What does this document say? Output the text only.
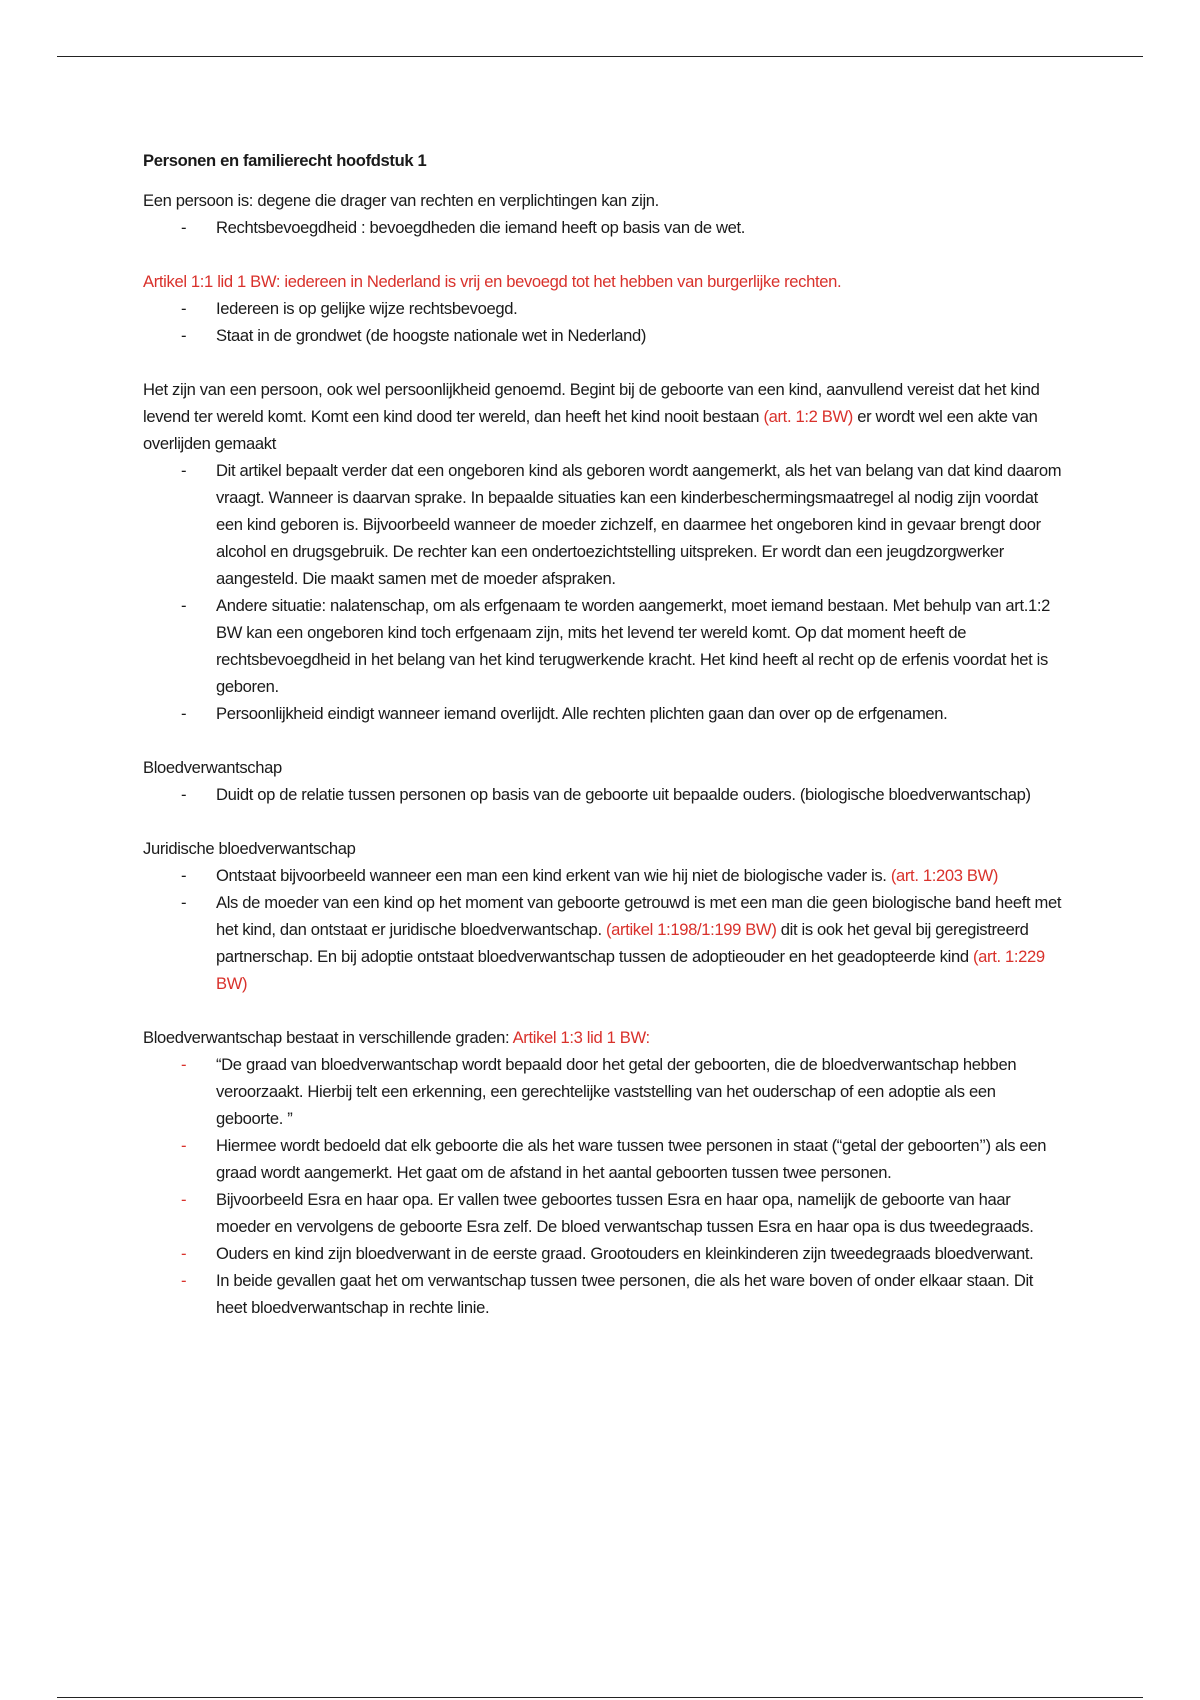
Personen en familierecht hoofdstuk 1

Een persoon is: degene die drager van rechten en verplichtingen kan zijn.

- Rechtsbevoegdheid : bevoegdheden die iemand heeft op basis van de wet.

Artikel 1:1 lid 1 BW: iedereen in Nederland is vrij en bevoegd tot het hebben van burgerlijke rechten.

- Iedereen is op gelijke wijze rechtsbevoegd.
- Staat in de grondwet (de hoogste nationale wet in Nederland)

Het zijn van een persoon, ook wel persoonlijkheid genoemd. Begint bij de geboorte van een kind, aanvullend vereist dat het kind levend ter wereld komt. Komt een kind dood ter wereld, dan heeft het kind nooit bestaan (art. 1:2 BW) er wordt wel een akte van overlijden gemaakt

- Dit artikel bepaalt verder dat een ongeboren kind als geboren wordt aangemerkt, als het van belang van dat kind daarom vraagt. Wanneer is daarvan sprake. In bepaalde situaties kan een kinderbeschermingsmaatregel al nodig zijn voordat een kind geboren is. Bijvoorbeeld wanneer de moeder zichzelf, en daarmee het ongeboren kind in gevaar brengt door alcohol en drugsgebruik. De rechter kan een ondertoezichtstelling uitspreken. Er wordt dan een jeugdzorgwerker aangesteld. Die maakt samen met de moeder afspraken.
- Andere situatie: nalatenschap, om als erfgenaam te worden aangemerkt, moet iemand bestaan. Met behulp van art.1:2 BW kan een ongeboren kind toch erfgenaam zijn, mits het levend ter wereld komt. Op dat moment heeft de rechtsbevoegdheid in het belang van het kind terugwerkende kracht. Het kind heeft al recht op de erfenis voordat het is geboren.
- Persoonlijkheid eindigt wanneer iemand overlijdt. Alle rechten plichten gaan dan over op de erfgenamen.

Bloedverwantschap

- Duidt op de relatie tussen personen op basis van de geboorte uit bepaalde ouders. (biologische bloedverwantschap)

Juridische bloedverwantschap

- Ontstaat bijvoorbeeld wanneer een man een kind erkent van wie hij niet de biologische vader is. (art. 1:203 BW)
- Als de moeder van een kind op het moment van geboorte getrouwd is met een man die geen biologische band heeft met het kind, dan ontstaat er juridische bloedverwantschap. (artikel 1:198/1:199 BW) dit is ook het geval bij geregistreerd partnerschap. En bij adoptie ontstaat bloedverwantschap tussen de adoptieouder en het geadopteerde kind (art. 1:229 BW)

Bloedverwantschap bestaat in verschillende graden: Artikel 1:3 lid 1 BW:

- “De graad van bloedverwantschap wordt bepaald door het getal der geboorten, die de bloedverwantschap hebben veroorzaakt. Hierbij telt een erkenning, een gerechtelijke vaststelling van het ouderschap of een adoptie als een geboorte. ”
- Hiermee wordt bedoeld dat elk geboorte die als het ware tussen twee personen in staat (“getal der geboorten’’) als een graad wordt aangemerkt. Het gaat om de afstand in het aantal geboorten tussen twee personen.
- Bijvoorbeeld Esra en haar opa. Er vallen twee geboortes tussen Esra en haar opa, namelijk de geboorte van haar moeder en vervolgens de geboorte Esra zelf. De bloed verwantschap tussen Esra en haar opa is dus tweedegraads.
- Ouders en kind zijn bloedverwant in de eerste graad. Grootouders en kleinkinderen zijn tweedegraads bloedverwant.
- In beide gevallen gaat het om verwantschap tussen twee personen, die als het ware boven of onder elkaar staan. Dit heet bloedverwantschap in rechte linie.
